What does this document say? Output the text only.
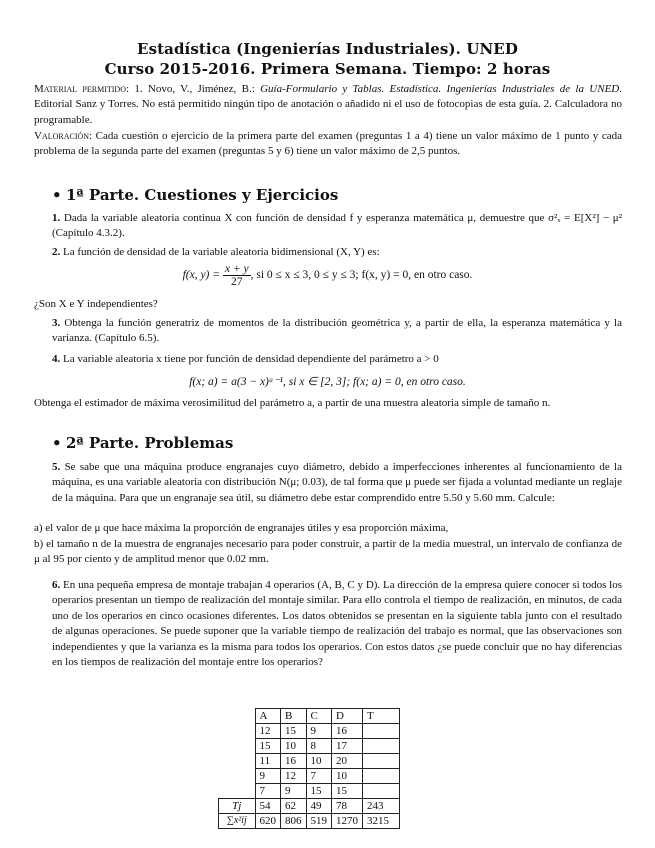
Estadística (Ingenierías Industriales). UNED
Curso 2015-2016. Primera Semana. Tiempo: 2 horas
Material permitido: 1. Novo, V., Jiménez, B.: Guía-Formulario y Tablas. Estadística. Ingenierías Industriales de la UNED. Editorial Sanz y Torres. No está permitido ningún tipo de anotación o añadido ni el uso de fotocopias de esta guía. 2. Calculadora no programable.
Valoración: Cada cuestión o ejercicio de la primera parte del examen (preguntas 1 a 4) tiene un valor máximo de 1 punto y cada problema de la segunda parte del examen (preguntas 5 y 6) tiene un valor máximo de 2,5 puntos.
• 1ª Parte. Cuestiones y Ejercicios
1. Dada la variable aleatoria continua X con función de densidad f y esperanza matemática μ, demuestre que σ²ₓ = E[X²] − μ² (Capítulo 4.3.2).
2. La función de densidad de la variable aleatoria bidimensional (X, Y) es:
f(x, $y) = \frac{x + y}{27}$ , si 0 ≤ x ≤ 3, 0 ≤ y ≤ 3; f(x, y) = 0, en otro caso.
¿Son X e Y independientes?
3. Obtenga la función generatriz de momentos de la distribución geométrica y, a partir de ella, la esperanza matemática y la varianza. (Capítulo 6.5).
4. La variable aleatoria x tiene por función de densidad dependiente del parámetro a > 0
f(x; a) = a(3 − x)ᵃ⁻¹, si x ∈ [2, 3]; f(x; a) = 0, en otro caso.
Obtenga el estimador de máxima verosimilitud del parámetro a, a partir de una muestra aleatoria simple de tamaño n.
• 2ª Parte. Problemas
5. Se sabe que una máquina produce engranajes cuyo diámetro, debido a imperfecciones inherentes al funcionamiento de la máquina, es una variable aleatoria con distribución N(μ; 0.03), de tal forma que μ puede ser fijada a voluntad mediante un reglaje de la máquina. Para que un engranaje sea útil, su diámetro debe estar comprendido entre 5.50 y 5.60 mm. Calcule:
a) el valor de μ que hace máxima la proporción de engranajes útiles y esa proporción máxima,
b) el tamaño n de la muestra de engranajes necesario para poder construir, a partir de la media muestral, un intervalo de confianza de μ al 95 por ciento y de amplitud menor que 0.02 mm.
6. En una pequeña empresa de montaje trabajan 4 operarios (A, B, C y D). La dirección de la empresa quiere conocer si todos los operarios presentan un tiempo de realización del montaje similar. Para ello controla el tiempo de realización, en minutos, de cada uno de los operarios en cinco ocasiones diferentes. Los datos obtenidos se presentan en la siguiente tabla junto con el resultado de algunas operaciones. Se puede suponer que la variable tiempo de realización del trabajo es normal, que las observaciones son independientes y que la varianza es la misma para todos los operarios. Con estos datos ¿se puede concluir que no hay diferencias en los tiempos de realización del montaje entre los operarios?
	A	B	C	D	T
	12	15	9	16	
	15	10	8	17	
	11	16	10	20	
	9	12	7	10	
	7	9	15	15	
Tj	54	62	49	78	243
∑x²ij	620	806	519	1270	3215
